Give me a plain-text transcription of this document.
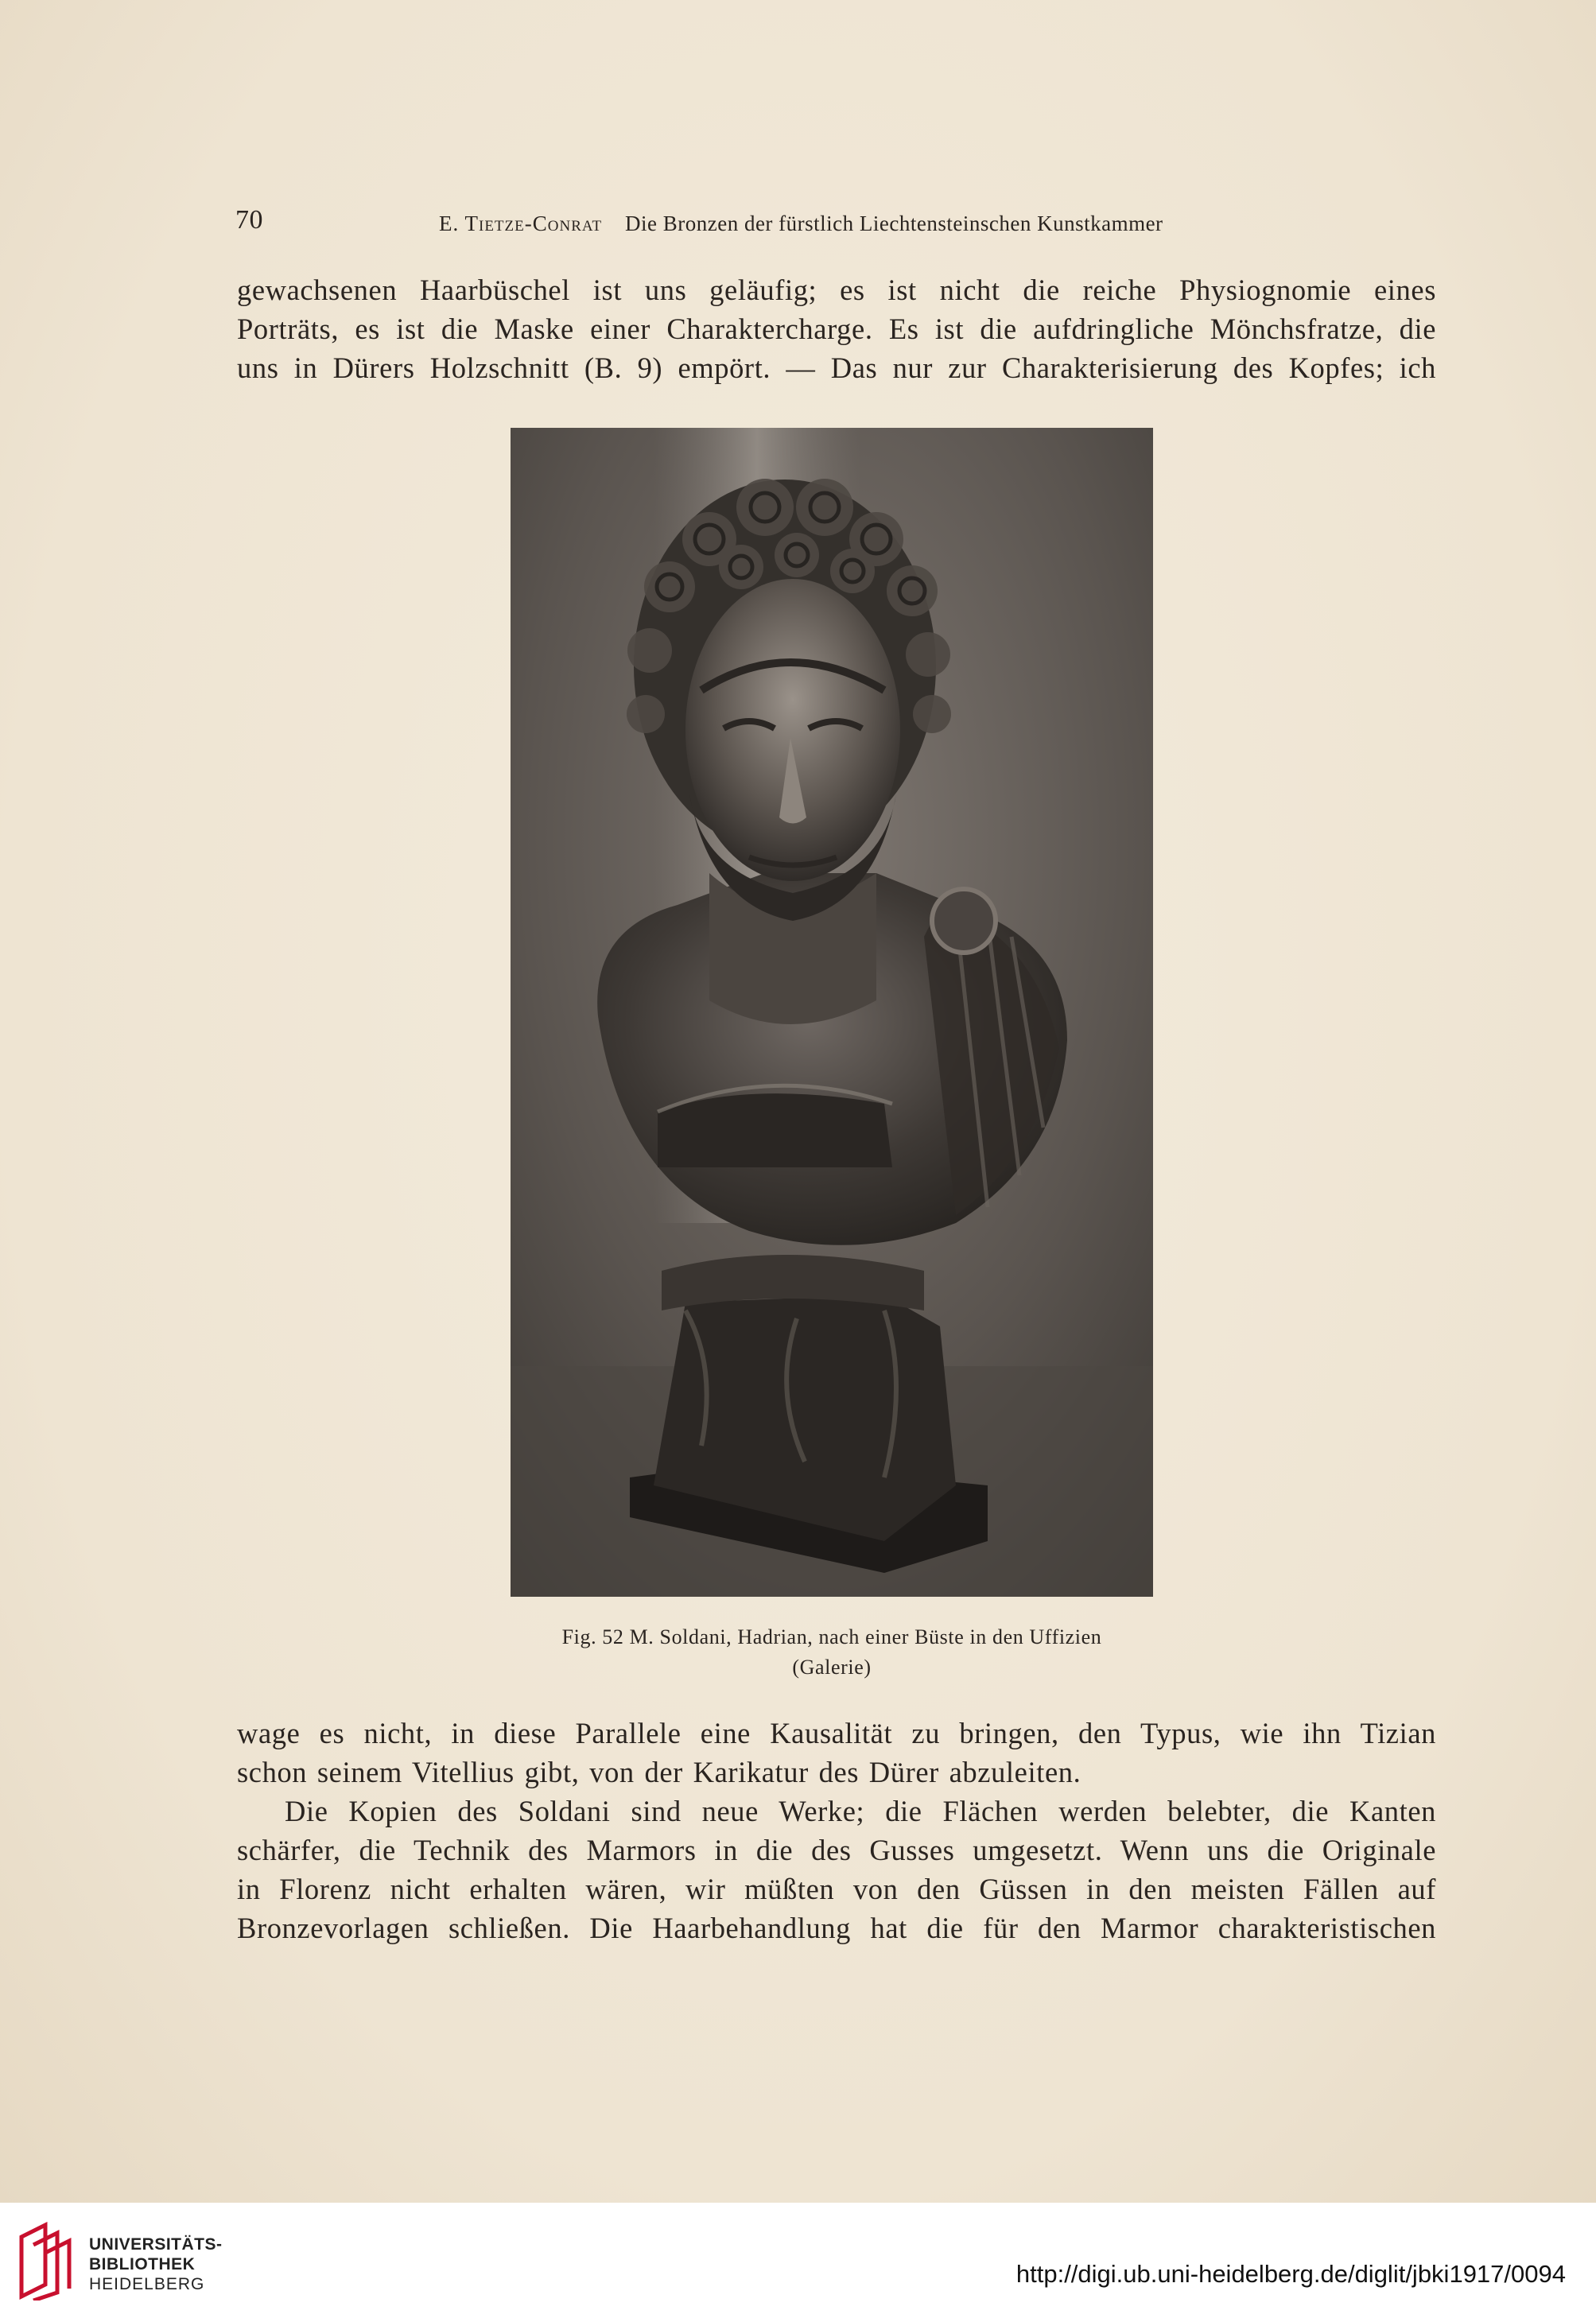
70	E. Tietze-Conrat Die Bronzen der fürstlich Liechtensteinschen Kunstkammer
gewachsenen Haarbüschel ist uns geläufig; es ist nicht die reiche Physiognomie eines
Porträts, es ist die Maske einer Charaktercharge. Es ist die aufdringliche Mönchsfratze, die
uns in Dürers Holzschnitt (B. 9) empört. — Das nur zur Charakterisierung des Kopfes; ich
Fig. 52 M. Soldani, Hadrian, nach einer Büste in den Uffizien
(Galerie)
wage es nicht, in diese Parallele eine Kausalität zu bringen, den Typus, wie ihn Tizian
schon seinem Vitellius gibt, von der Karikatur des Dürer abzuleiten.
Die Kopien des Soldani sind neue Werke; die Flächen werden belebter, die Kanten
schärfer, die Technik des Marmors in die des Gusses umgesetzt. Wenn uns die Originale
in Florenz nicht erhalten wären, wir müßten von den Güssen in den meisten Fällen auf
Bronzevorlagen schließen. Die Haarbehandlung hat die für den Marmor charakteristischen
UNIVERSITÄTS-
BIBLIOTHEK
HEIDELBERG	http://digi.ub.uni-heidelberg.de/diglit/jbki1917/0094
